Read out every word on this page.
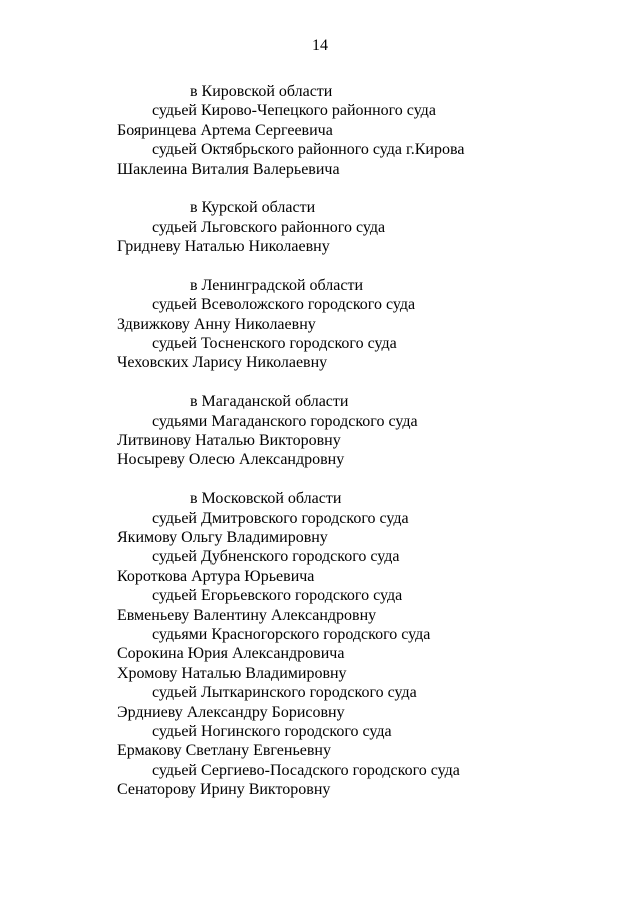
14
в Кировской области
судьей Кирово-Чепецкого районного суда
Бояринцева Артема Сергеевича
судьей Октябрьского районного суда г.Кирова
Шаклеина Виталия Валерьевича
в Курской области
судьей Льговского районного суда
Гридневу Наталью Николаевну
в Ленинградской области
судьей Всеволожского городского суда
Здвижкову Анну Николаевну
судьей Тосненского городского суда
Чеховских Ларису Николаевну
в Магаданской области
судьями Магаданского городского суда
Литвинову Наталью Викторовну
Носыреву Олесю Александровну
в Московской области
судьей Дмитровского городского суда
Якимову Ольгу Владимировну
судьей Дубненского городского суда
Короткова Артура Юрьевича
судьей Егорьевского городского суда
Евменьеву Валентину Александровну
судьями Красногорского городского суда
Сорокина Юрия Александровича
Хромову Наталью Владимировну
судьей Лыткаринского городского суда
Эрдниеву Александру Борисовну
судьей Ногинского городского суда
Ермакову Светлану Евгеньевну
судьей Сергиево-Посадского городского суда
Сенаторову Ирину Викторовну
